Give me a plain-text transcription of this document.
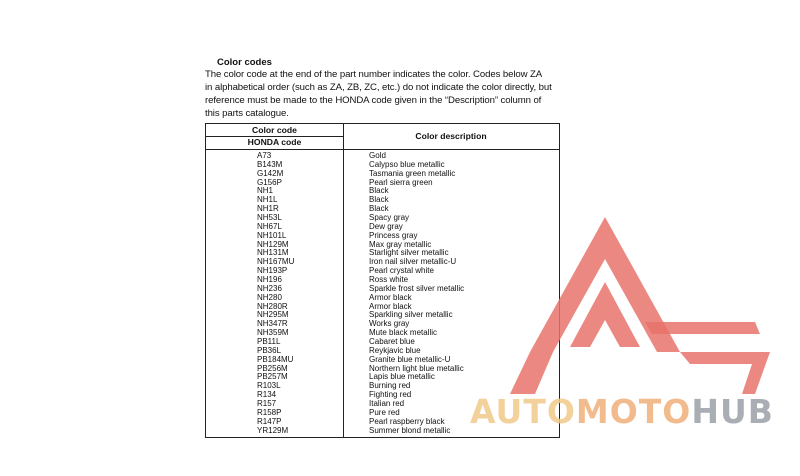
Color codes
The color code at the end of the part number indicates the color. Codes below ZA
in alphabetical order (such as ZA, ZB, ZC, etc.) do not indicate the color directly, but
reference must be made to the HONDA code given in the “Description” column of
this parts catalogue.
Color code
HONDA code
Color description
A73	Gold
B143M	Calypso blue metallic
G142M	Tasmania green metallic
G156P	Pearl sierra green
NH1	Black
NH1L	Black
NH1R	Black
NH53L	Spacy gray
NH67L	Dew gray
NH101L	Princess gray
NH129M	Max gray metallic
NH131M	Starlight silver metallic
NH167MU	Iron nail silver metallic-U
NH193P	Pearl crystal white
NH196	Ross white
NH236	Sparkle frost silver metallic
NH280	Armor black
NH280R	Armor black
NH295M	Sparkling silver metallic
NH347R	Works gray
NH359M	Mute black metallic
PB11L	Cabaret blue
PB36L	Reykjavic blue
PB184MU	Granite blue metallic-U
PB256M	Northern light blue metallic
PB257M	Lapis blue metallic
R103L	Burning red
R134	Fighting red
R157	Italian red
R158P	Pure red
R147P	Pearl raspberry black
YR129M	Summer blond metallic AUTOMOTOHUB
